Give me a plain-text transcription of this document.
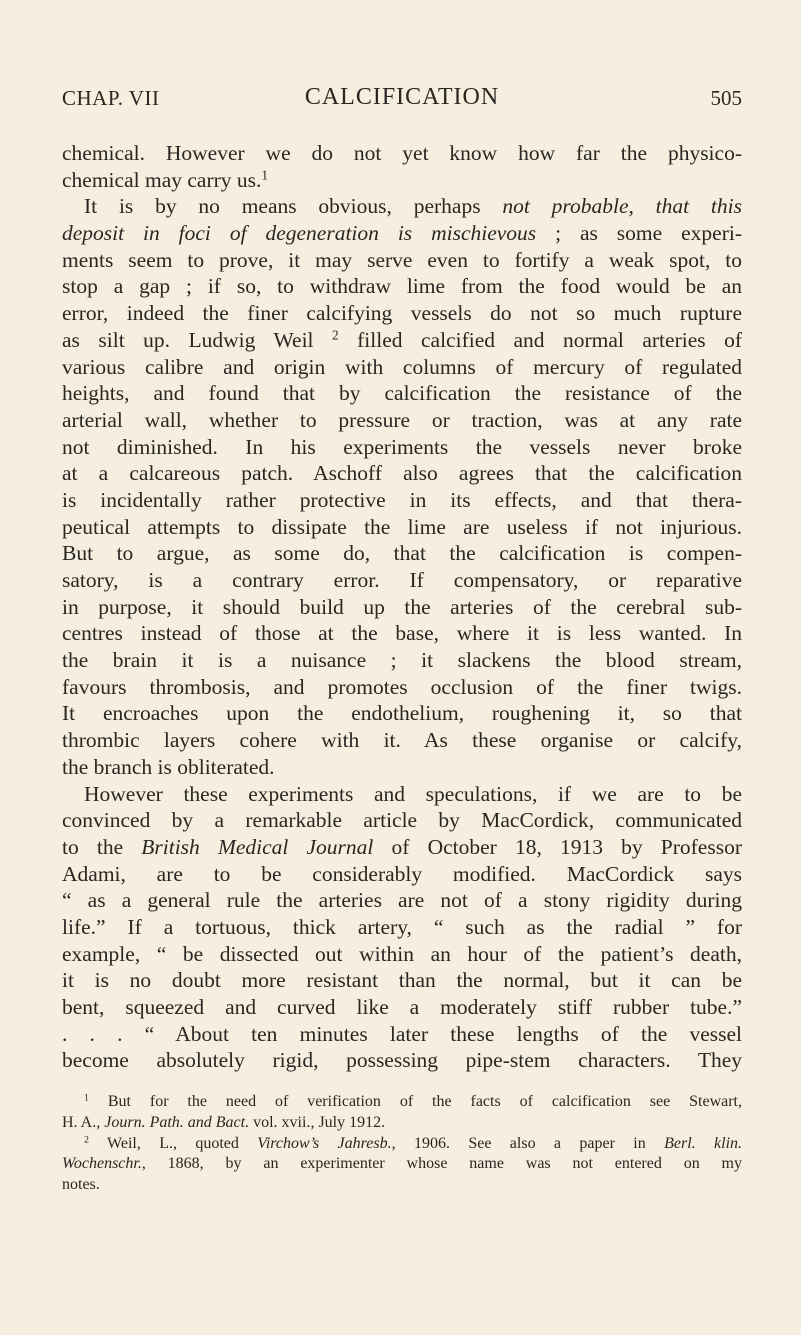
CHAP. VII	CALCIFICATION	505
chemical. However we do not yet know how far the physico-
chemical may carry us.$^1$
It is by no means obvious, perhaps not probable, that this
deposit in foci of degeneration is mischievous ; as some experi-
ments seem to prove, it may serve even to fortify a weak spot, to
stop a gap ; if so, to withdraw lime from the food would be an
error, indeed the finer calcifying vessels do not so much rupture
as silt up. Ludwig Weil $^2$ filled calcified and normal arteries of
various calibre and origin with columns of mercury of regulated
heights, and found that by calcification the resistance of the
arterial wall, whether to pressure or traction, was at any rate
not diminished. In his experiments the vessels never broke
at a calcareous patch. Aschoff also agrees that the calcification
is incidentally rather protective in its effects, and that thera-
peutical attempts to dissipate the lime are useless if not injurious.
But to argue, as some do, that the calcification is compen-
satory, is a contrary error. If compensatory, or reparative
in purpose, it should build up the arteries of the cerebral sub-
centres instead of those at the base, where it is less wanted. In
the brain it is a nuisance ; it slackens the blood stream,
favours thrombosis, and promotes occlusion of the finer twigs.
It encroaches upon the endothelium, roughening it, so that
thrombic layers cohere with it. As these organise or calcify,
the branch is obliterated.
However these experiments and speculations, if we are to be
convinced by a remarkable article by MacCordick, communicated
to the British Medical Journal of October 18, 1913 by Professor
Adami, are to be considerably modified. MacCordick says
“ as a general rule the arteries are not of a stony rigidity during
life.” If a tortuous, thick artery, “ such as the radial ” for
example, “ be dissected out within an hour of the patient’s death,
it is no doubt more resistant than the normal, but it can be
bent, squeezed and curved like a moderately stiff rubber tube.”
. . . “ About ten minutes later these lengths of the vessel
become absolutely rigid, possessing pipe-stem characters. They
$^1$ But for the need of verification of the facts of calcification see Stewart,
H. A., Journ. Path. and Bact. vol. xvii., July 1912.
$^2$ Weil, L., quoted Virchow’s Jahresb., 1906. See also a paper in Berl. klin.
Wochenschr., 1868, by an experimenter whose name was not entered on my
notes.
